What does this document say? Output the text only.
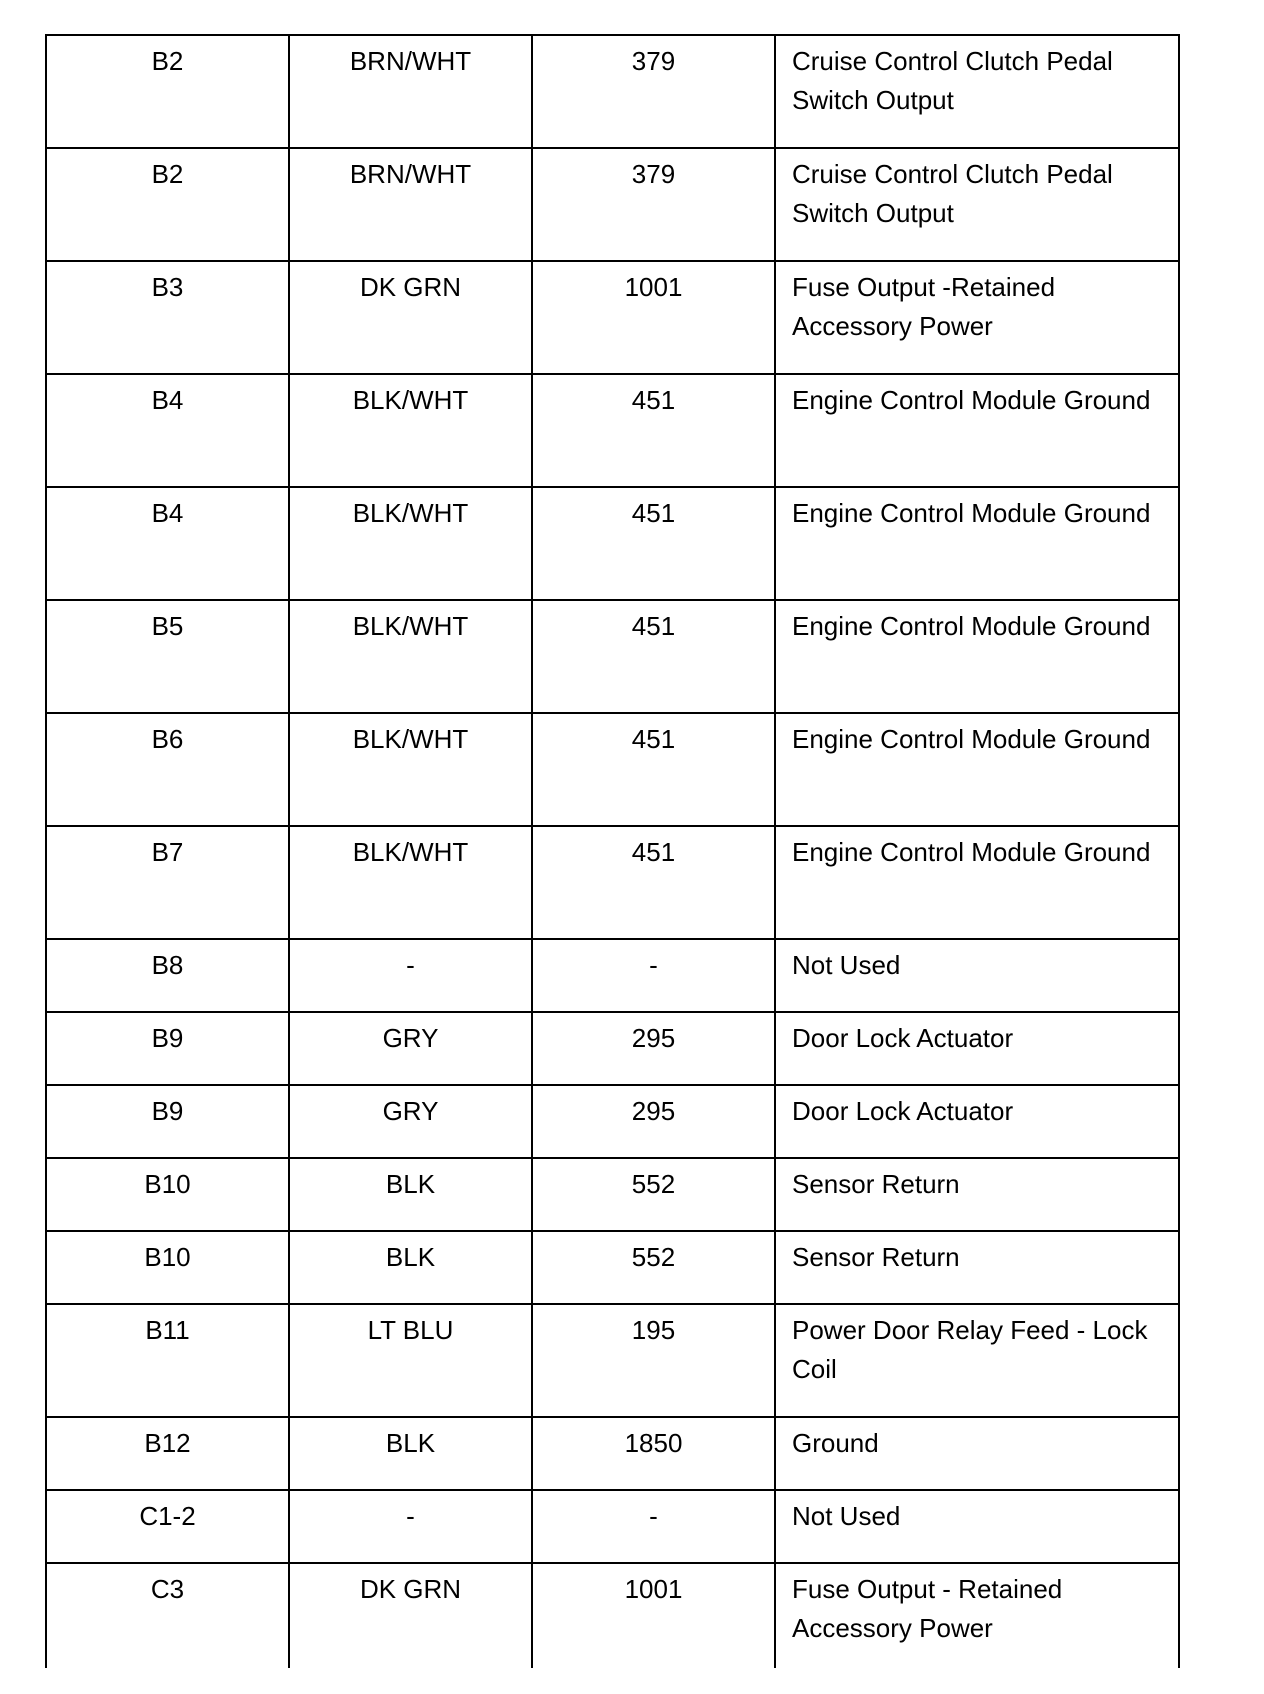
B2	BRN/WHT	379	Cruise Control Clutch Pedal Switch Output
B2	BRN/WHT	379	Cruise Control Clutch Pedal Switch Output
B3	DK GRN	1001	Fuse Output -Retained Accessory Power
B4	BLK/WHT	451	Engine Control Module Ground
B4	BLK/WHT	451	Engine Control Module Ground
B5	BLK/WHT	451	Engine Control Module Ground
B6	BLK/WHT	451	Engine Control Module Ground
B7	BLK/WHT	451	Engine Control Module Ground
B8	-	-	Not Used
B9	GRY	295	Door Lock Actuator
B9	GRY	295	Door Lock Actuator
B10	BLK	552	Sensor Return
B10	BLK	552	Sensor Return
B11	LT BLU	195	Power Door Relay Feed - Lock Coil
B12	BLK	1850	Ground
C1-2	-	-	Not Used
C3	DK GRN	1001	Fuse Output - Retained Accessory Power
